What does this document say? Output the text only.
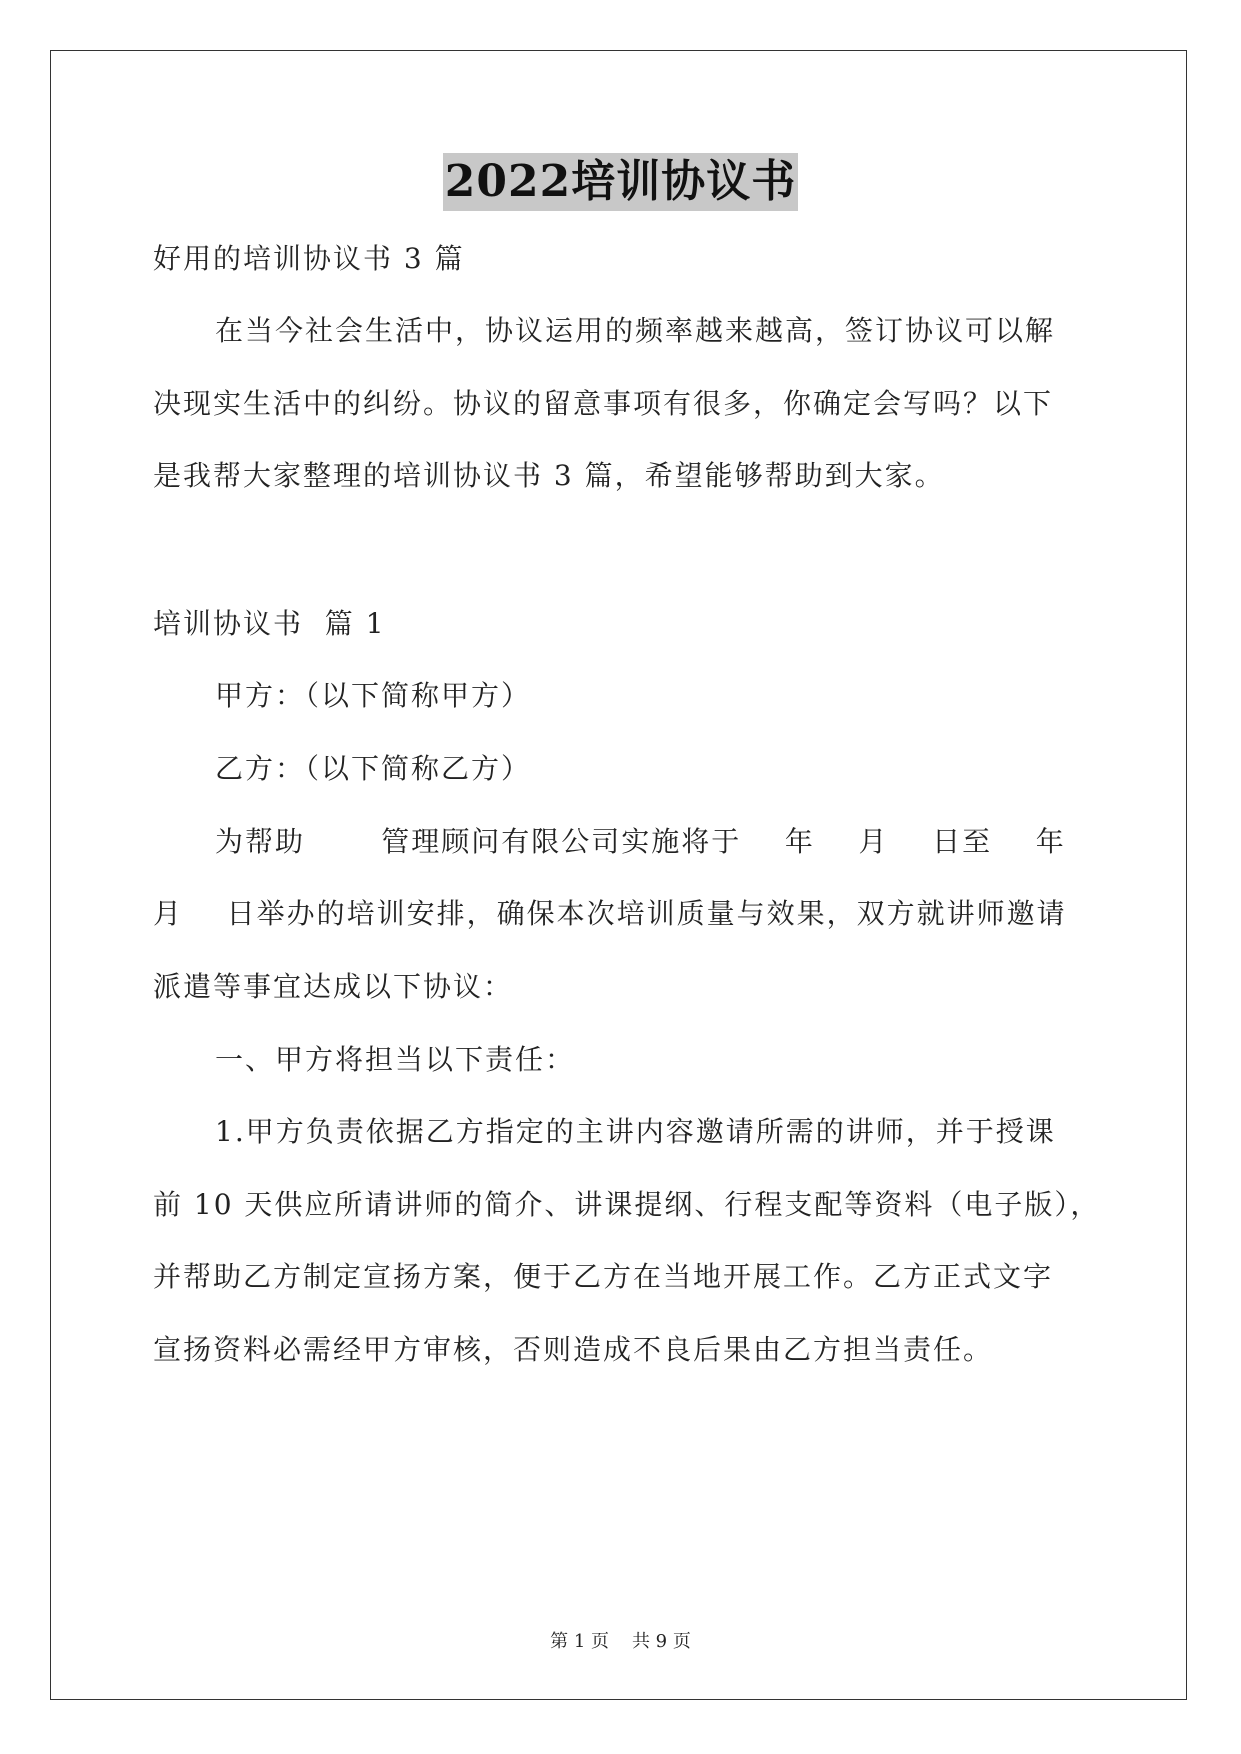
2022培训协议书
好用的培训协议书 3 篇
在当今社会生活中，协议运用的频率越来越高，签订协议可以解
决现实生活中的纠纷。协议的留意事项有很多，你确定会写吗？以下
是我帮大家整理的培训协议书 3 篇，希望能够帮助到大家。
培训协议书  篇 1
甲方：（以下简称甲方）
乙方：（以下简称乙方）
为帮助       管理顾问有限公司实施将于    年    月    日至    年
月    日举办的培训安排，确保本次培训质量与效果，双方就讲师邀请
派遣等事宜达成以下协议：
一、甲方将担当以下责任：
1.甲方负责依据乙方指定的主讲内容邀请所需的讲师，并于授课
前 10 天供应所请讲师的简介、讲课提纲、行程支配等资料（电子版），
并帮助乙方制定宣扬方案，便于乙方在当地开展工作。乙方正式文字
宣扬资料必需经甲方审核，否则造成不良后果由乙方担当责任。
第 1 页    共 9 页
